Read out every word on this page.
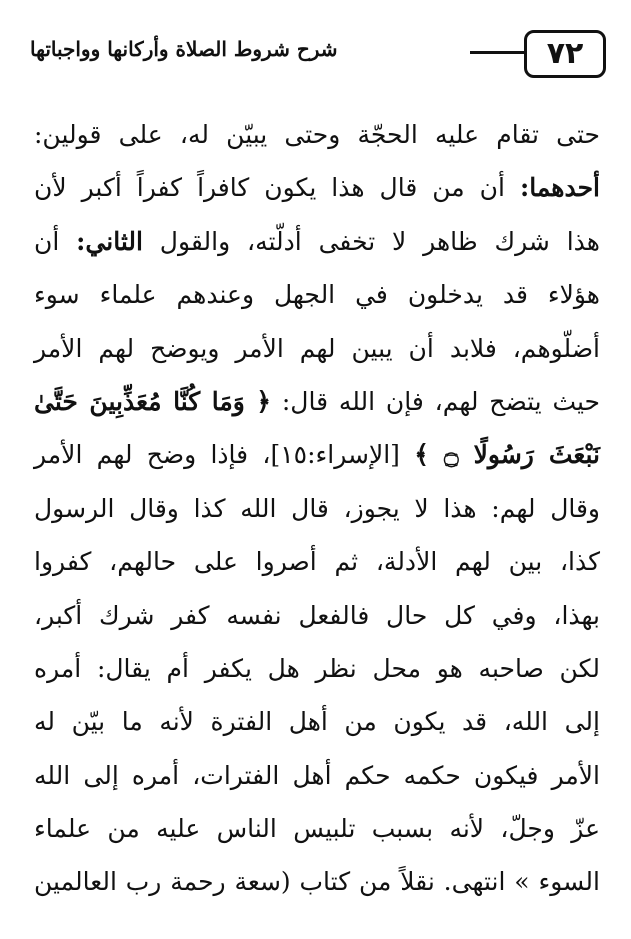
٧٢
شرح شروط الصلاة وأركانها وواجباتها
حتى تقام عليه الحجّة وحتى يبيّن له، على قولين:
أحدهما: أن من قال هذا يكون كافراً كفراً أكبر لأن
هذا شرك ظاهر لا تخفى أدلّته، والقول الثاني: أن
هؤلاء قد يدخلون في الجهل وعندهم علماء سوء
أضلّوهم، فلابد أن يبين لهم الأمر ويوضح لهم الأمر
حيث يتضح لهم، فإن الله قال: ﴿ وَمَا كُنَّا مُعَذِّبِينَ حَتَّىٰ
نَبْعَثَ رَسُولًا ۝ ﴾ [الإسراء:١٥]، فإذا وضح لهم الأمر
وقال لهم: هذا لا يجوز، قال الله كذا وقال الرسول
كذا، بين لهم الأدلة، ثم أصروا على حالهم، كفروا
بهذا، وفي كل حال فالفعل نفسه كفر شرك أكبر،
لكن صاحبه هو محل نظر هل يكفر أم يقال: أمره
إلى الله، قد يكون من أهل الفترة لأنه ما بيّن له
الأمر فيكون حكمه حكم أهل الفترات، أمره إلى الله
عزّ وجلّ، لأنه بسبب تلبيس الناس عليه من علماء
السوء » انتهى. نقلاً من كتاب (سعة رحمة رب العالمين
